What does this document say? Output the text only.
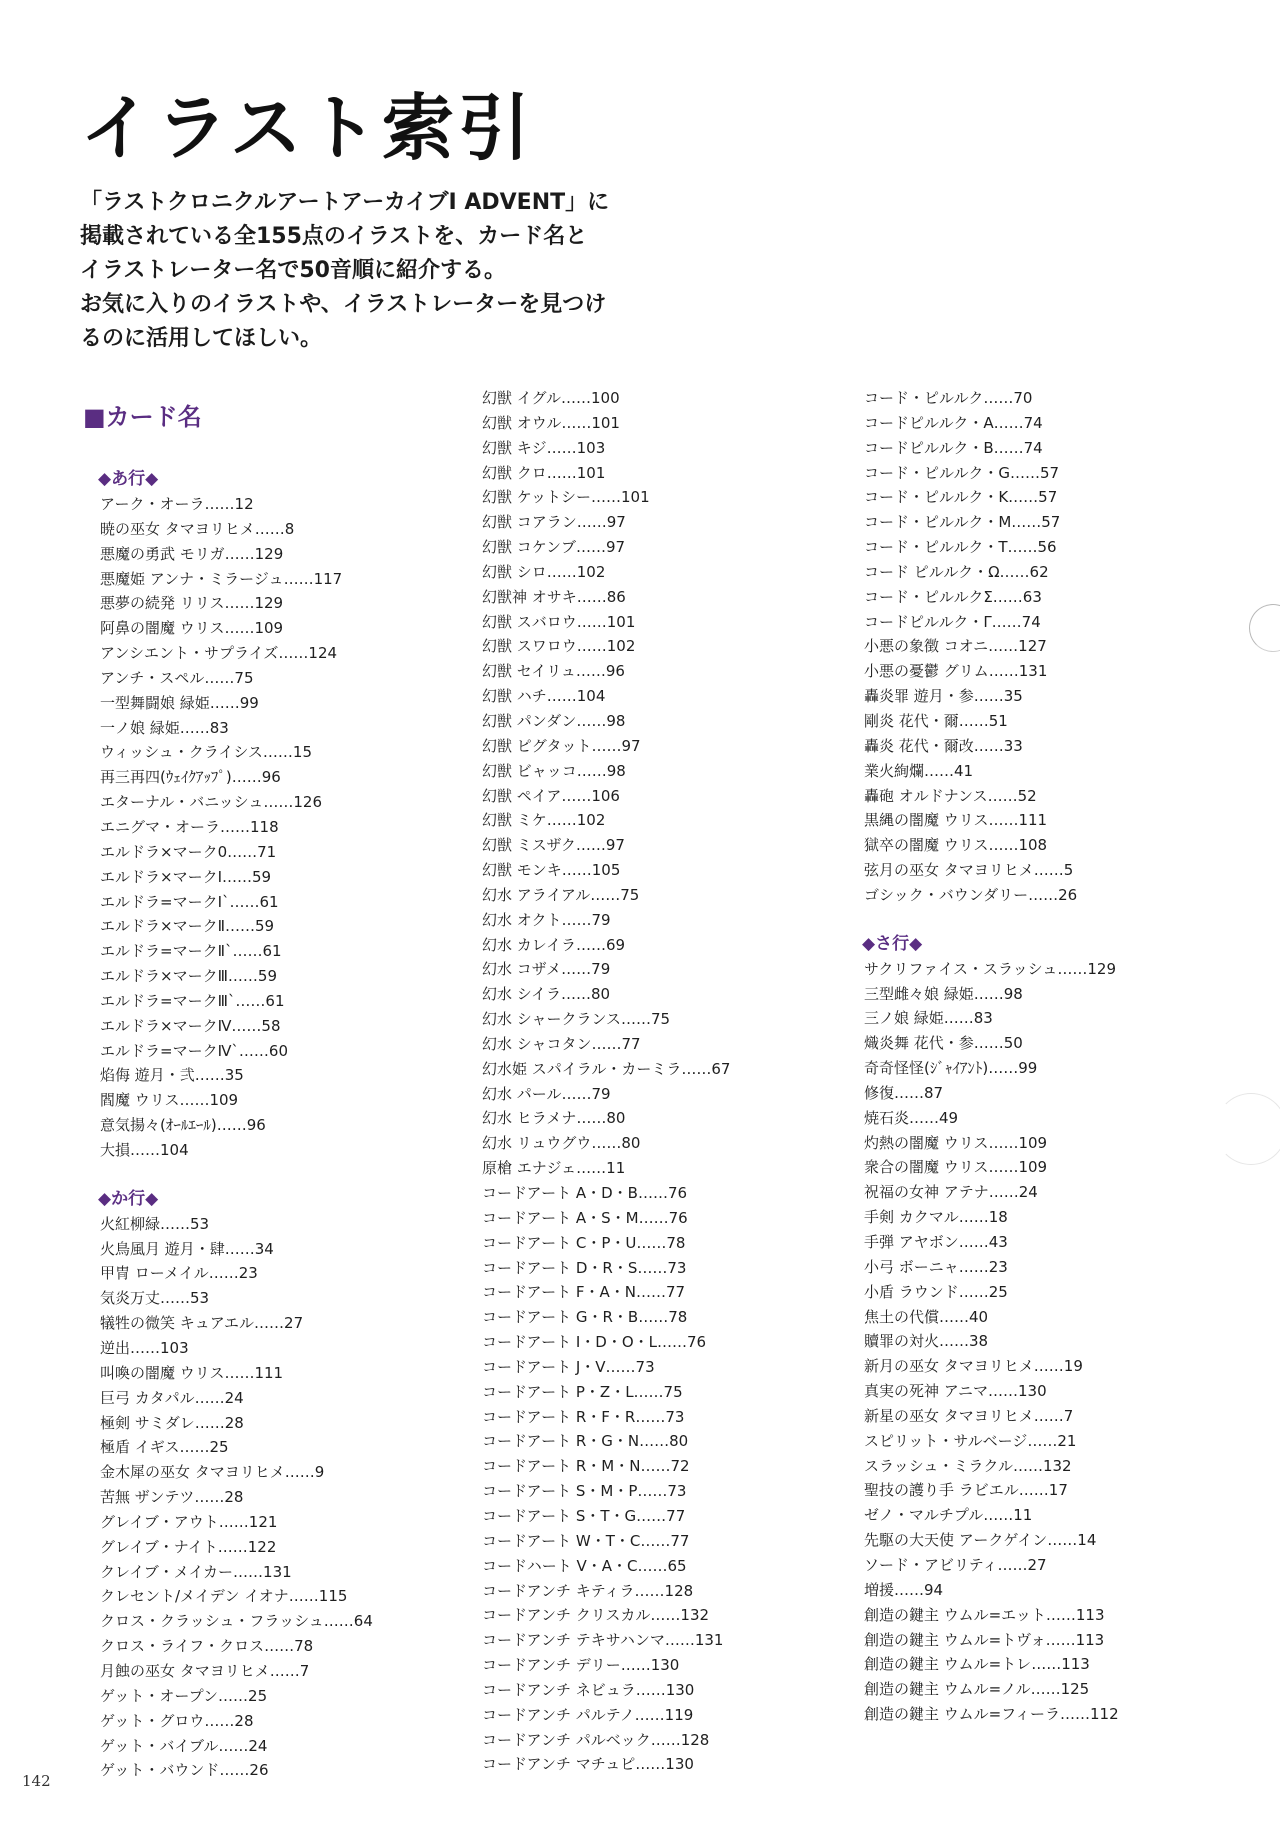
イラスト索引
「ラストクロニクルアートアーカイブⅠ ADVENT」に
掲載されている全155点のイラストを、カード名と
イラストレーター名で50音順に紹介する。
お気に入りのイラストや、イラストレーターを見つけ
るのに活用してほしい。
■カード名
◆あ行◆
アーク・オーラ……12
暁の巫女 タマヨリヒメ……8
悪魔の勇武 モリガ……129
悪魔姫 アンナ・ミラージュ……117
悪夢の続発 リリス……129
阿鼻の闇魔 ウリス……109
アンシエント・サプライズ……124
アンチ・スペル……75
一型舞闘娘 緑姫……99
一ノ娘 緑姫……83
ウィッシュ・クライシス……15
再三再四(ｳｪｲｸｱｯﾌﾟ)……96
エターナル・バニッシュ……126
エニグマ・オーラ……118
エルドラ×マーク0……71
エルドラ×マークⅠ……59
エルドラ=マークⅠ`……61
エルドラ×マークⅡ……59
エルドラ=マークⅡ`……61
エルドラ×マークⅢ……59
エルドラ=マークⅢ`……61
エルドラ×マークⅣ……58
エルドラ=マークⅣ`……60
焰侮 遊月・弐……35
閻魔 ウリス……109
意気揚々(ｵｰﾙｴｰﾙ)……96
大損……104
◆か行◆
火紅柳緑……53
火鳥風月 遊月・肆……34
甲冑 ローメイル……23
気炎万丈……53
犠牲の微笑 キュアエル……27
逆出……103
叫喚の闇魔 ウリス……111
巨弓 カタパル……24
極剣 サミダレ……28
極盾 イギス……25
金木犀の巫女 タマヨリヒメ……9
苦無 ザンテツ……28
グレイブ・アウト……121
グレイブ・ナイト……122
クレイブ・メイカー……131
クレセント/メイデン イオナ……115
クロス・クラッシュ・フラッシュ……64
クロス・ライフ・クロス……78
月蝕の巫女 タマヨリヒメ……7
ゲット・オープン……25
ゲット・グロウ……28
ゲット・バイブル……24
ゲット・バウンド……26
幻獣 イグル……100
幻獣 オウル……101
幻獣 キジ……103
幻獣 クロ……101
幻獣 ケットシー……101
幻獣 コアラン……97
幻獣 コケンブ……97
幻獣 シロ……102
幻獣神 オサキ……86
幻獣 スバロウ……101
幻獣 スワロウ……102
幻獣 セイリュ……96
幻獣 ハチ……104
幻獣 パンダン……98
幻獣 ピグタット……97
幻獣 ビャッコ……98
幻獣 ペイア……106
幻獣 ミケ……102
幻獣 ミスザク……97
幻獣 モンキ……105
幻水 アライアル……75
幻水 オクト……79
幻水 カレイラ……69
幻水 コザメ……79
幻水 シイラ……80
幻水 シャークランス……75
幻水 シャコタン……77
幻水姫 スパイラル・カーミラ……67
幻水 パール……79
幻水 ヒラメナ……80
幻水 リュウグウ……80
原槍 エナジェ……11
コードアート A・D・B……76
コードアート A・S・M……76
コードアート C・P・U……78
コードアート D・R・S……73
コードアート F・A・N……77
コードアート G・R・B……78
コードアート I・D・O・L……76
コードアート J・V……73
コードアート P・Z・L……75
コードアート R・F・R……73
コードアート R・G・N……80
コードアート R・M・N……72
コードアート S・M・P……73
コードアート S・T・G……77
コードアート W・T・C……77
コードハート V・A・C……65
コードアンチ キティラ……128
コードアンチ クリスカル……132
コードアンチ テキサハンマ……131
コードアンチ デリー……130
コードアンチ ネビュラ……130
コードアンチ パルテノ……119
コードアンチ パルベック……128
コードアンチ マチュピ……130
コード・ピルルク……70
コードピルルク・A……74
コードピルルク・B……74
コード・ピルルク・G……57
コード・ピルルク・K……57
コード・ピルルク・M……57
コード・ピルルク・T……56
コード ピルルク・Ω……62
コード・ピルルクΣ……63
コードピルルク・Γ……74
小悪の象徴 コオニ……127
小悪の憂鬱 グリム……131
轟炎罪 遊月・参……35
剛炎 花代・爾……51
轟炎 花代・爾改……33
業火絢爛……41
轟砲 オルドナンス……52
黒縄の闇魔 ウリス……111
獄卒の闇魔 ウリス……108
弦月の巫女 タマヨリヒメ……5
ゴシック・バウンダリー……26
◆さ行◆
サクリファイス・スラッシュ……129
三型雌々娘 緑姫……98
三ノ娘 緑姫……83
熾炎舞 花代・参……50
奇奇怪怪(ｼﾞｬｲｱﾝﾄ)……99
修復……87
焼石炎……49
灼熱の闇魔 ウリス……109
衆合の闇魔 ウリス……109
祝福の女神 アテナ……24
手剣 カクマル……18
手弾 アヤボン……43
小弓 ボーニャ……23
小盾 ラウンド……25
焦土の代償……40
贖罪の対火……38
新月の巫女 タマヨリヒメ……19
真実の死神 アニマ……130
新星の巫女 タマヨリヒメ……7
スピリット・サルベージ……21
スラッシュ・ミラクル……132
聖技の護り手 ラビエル……17
ゼノ・マルチプル……11
先駆の大天使 アークゲイン……14
ソード・アビリティ……27
増援……94
創造の鍵主 ウムル=エット……113
創造の鍵主 ウムル=トヴォ……113
創造の鍵主 ウムル=トレ……113
創造の鍵主 ウムル=ノル……125
創造の鍵主 ウムル=フィーラ……112
142
